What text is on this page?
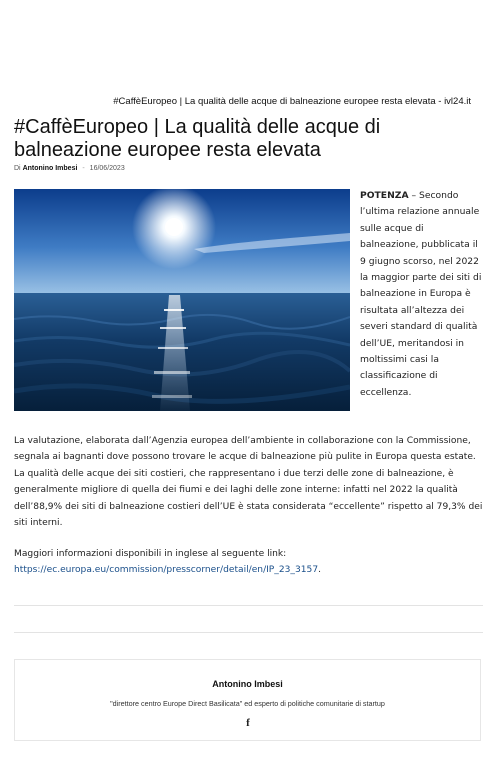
#CaffèEuropeo | La qualità delle acque di balneazione europee resta elevata - ivl24.it
#CaffèEuropeo | La qualità delle acque di balneazione europee resta elevata
Di Antonino Imbesi - 16/06/2023

POTENZA – Secondo l’ultima relazione annuale sulle acque di balneazione, pubblicata il 9 giugno scorso, nel 2022 la maggior parte dei siti di balneazione in Europa è risultata all’altezza dei severi standard di qualità dell’UE, meritandosi in moltissimi casi la classificazione di eccellenza.

La valutazione, elaborata dall’Agenzia europea dell’ambiente in collaborazione con la Commissione, segnala ai bagnanti dove possono trovare le acque di balneazione più pulite in Europa questa estate. La qualità delle acque dei siti costieri, che rappresentano i due terzi delle zone di balneazione, è generalmente migliore di quella dei fiumi e dei laghi delle zone interne: infatti nel 2022 la qualità dell’88,9% dei siti di balneazione costieri dell’UE è stata considerata “eccellente” rispetto al 79,3% dei siti interni.

Maggiori informazioni disponibili in inglese al seguente link:
https://ec.europa.eu/commission/presscorner/detail/en/IP_23_3157.

Antonino Imbesi
"direttore centro Europe Direct Basilicata" ed esperto di politiche comunitarie di startup
f
